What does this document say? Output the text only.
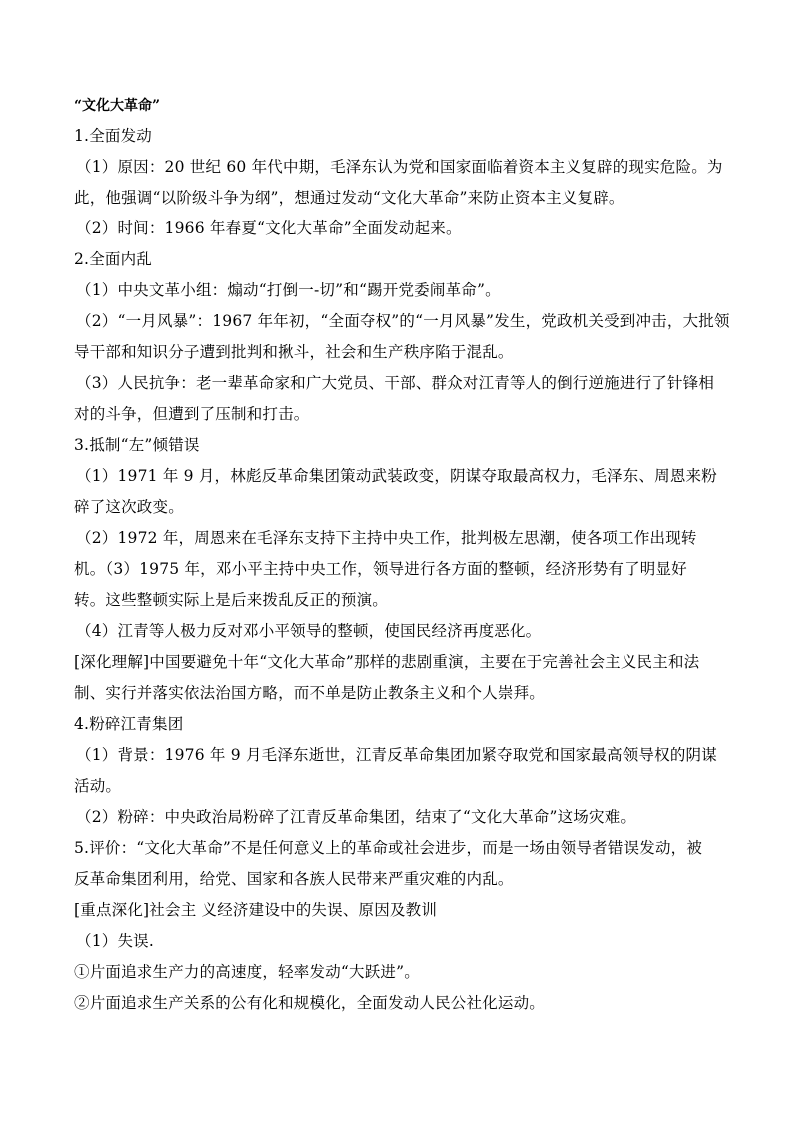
“文化大革命”
1.全面发动
（1）原因：20 世纪 60 年代中期，毛泽东认为党和国家面临着资本主义复辟的现实危险。为
此，他强调“以阶级斗争为纲”，想通过发动“文化大革命”来防止资本主义复辟。
（2）时间：1966 年春夏“文化大革命”全面发动起来。
2.全面内乱
（1）中央文革小组：煽动“打倒一-切”和“踢开党委闹革命”。
（2）“一月风暴”：1967 年年初，“全面夺权”的“一月风暴”发生，党政机关受到冲击，大批领
导干部和知识分子遭到批判和揪斗，社会和生产秩序陷于混乱。
（3）人民抗争：老一辈革命家和广大党员、干部、群众对江青等人的倒行逆施进行了针锋相
对的斗争，但遭到了压制和打击。
3.抵制“左”倾错误
（1）1971 年 9 月，林彪反革命集团策动武装政变，阴谋夺取最高权力，毛泽东、周恩来粉
碎了这次政变。
（2）1972 年，周恩来在毛泽东支持下主持中央工作，批判极左思潮，使各项工作出现转
机。（3）1975 年，邓小平主持中央工作，领导进行各方面的整顿，经济形势有了明显好
转。这些整顿实际上是后来拨乱反正的预演。
（4）江青等人极力反对邓小平领导的整顿，使国民经济再度恶化。
[深化理解]中国要避免十年“文化大革命”那样的悲剧重演，主要在于完善社会主义民主和法
制、实行并落实依法治国方略，而不单是防止教条主义和个人崇拜。
4.粉碎江青集团
（1）背景：1976 年 9 月毛泽东逝世，江青反革命集团加紧夺取党和国家最高领导权的阴谋
活动。
（2）粉碎：中央政治局粉碎了江青反革命集团，结束了“文化大革命”这场灾难。
5.评价：“文化大革命”不是任何意义上的革命或社会进步，而是一场由领导者错误发动，被
反革命集团利用，给党、国家和各族人民带来严重灾难的内乱。
[重点深化]社会主 义经济建设中的失误、原因及教训
（1）失误.
①片面追求生产力的高速度，轻率发动“大跃进”。
②片面追求生产关系的公有化和规模化，全面发动人民公社化运动。
